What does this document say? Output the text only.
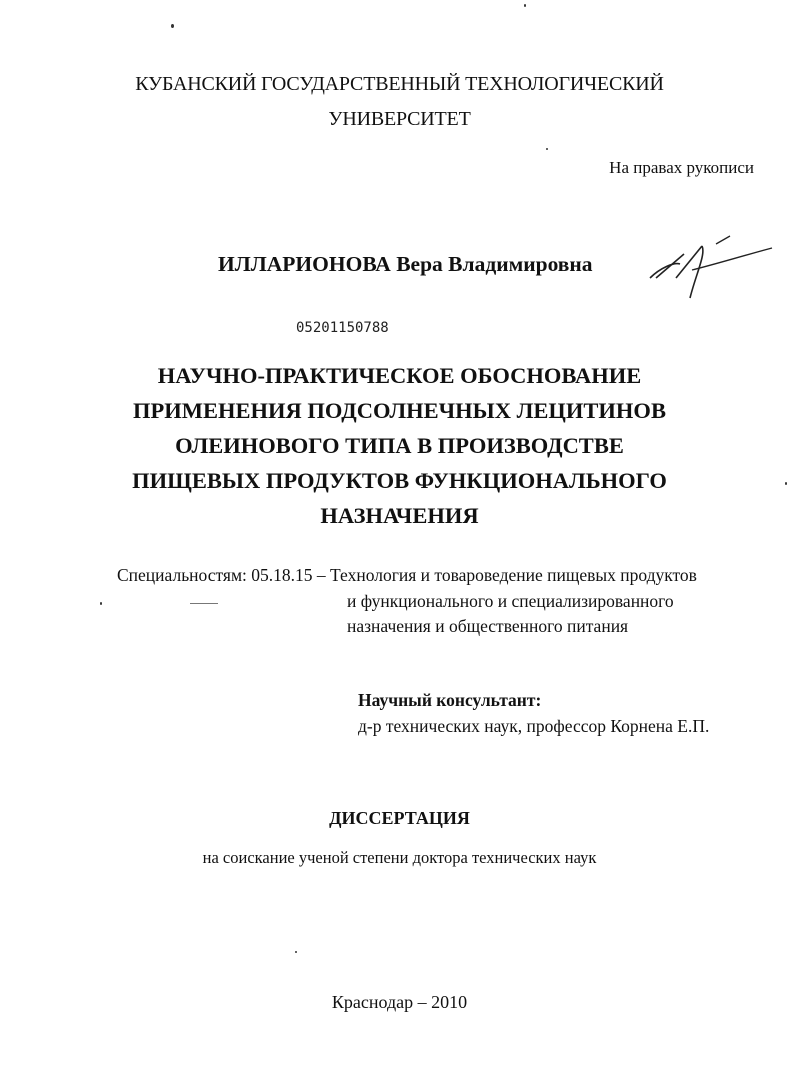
КУБАНСКИЙ ГОСУДАРСТВЕННЫЙ ТЕХНОЛОГИЧЕСКИЙ

УНИВЕРСИТЕТ

На правах рукописи

ИЛЛАРИОНОВА Вера Владимировна

05201150788

НАУЧНО-ПРАКТИЧЕСКОЕ ОБОСНОВАНИЕ
ПРИМЕНЕНИЯ ПОДСОЛНЕЧНЫХ ЛЕЦИТИНОВ
ОЛЕИНОВОГО ТИПА В ПРОИЗВОДСТВЕ
ПИЩЕВЫХ ПРОДУКТОВ ФУНКЦИОНАЛЬНОГО
НАЗНАЧЕНИЯ

Специальностям: 05.18.15 – Технология и товароведение пищевых продуктов

и функционального и специализированного

назначения и общественного питания

Научный консультант:

д-р технических наук, профессор Корнена Е.П.

ДИССЕРТАЦИЯ

на соискание ученой степени доктора технических наук

Краснодар – 2010
